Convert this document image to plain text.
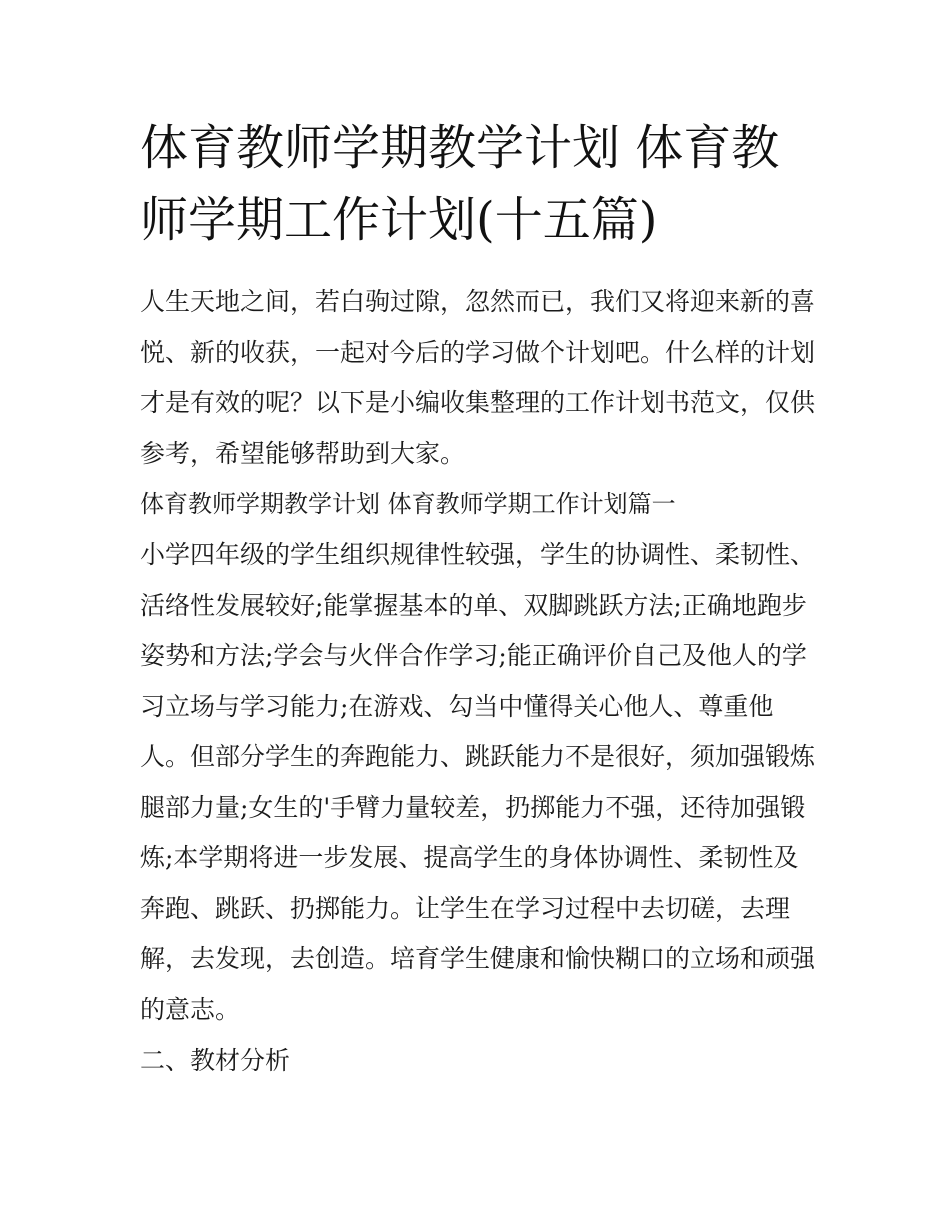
体育教师学期教学计划 体育教
师学期工作计划(十五篇)
人生天地之间，若白驹过隙，忽然而已，我们又将迎来新的喜
悦、新的收获，一起对今后的学习做个计划吧。什么样的计划
才是有效的呢？以下是小编收集整理的工作计划书范文，仅供
参考，希望能够帮助到大家。
体育教师学期教学计划 体育教师学期工作计划篇一
小学四年级的学生组织规律性较强，学生的协调性、柔韧性、
活络性发展较好;能掌握基本的单、双脚跳跃方法;正确地跑步
姿势和方法;学会与火伴合作学习;能正确评价自己及他人的学
习立场与学习能力;在游戏、勾当中懂得关心他人、尊重他
人。但部分学生的奔跑能力、跳跃能力不是很好，须加强锻炼
腿部力量;女生的'手臂力量较差，扔掷能力不强，还待加强锻
炼;本学期将进一步发展、提高学生的身体协调性、柔韧性及
奔跑、跳跃、扔掷能力。让学生在学习过程中去切磋，去理
解，去发现，去创造。培育学生健康和愉快糊口的立场和顽强
的意志。
二、教材分析
